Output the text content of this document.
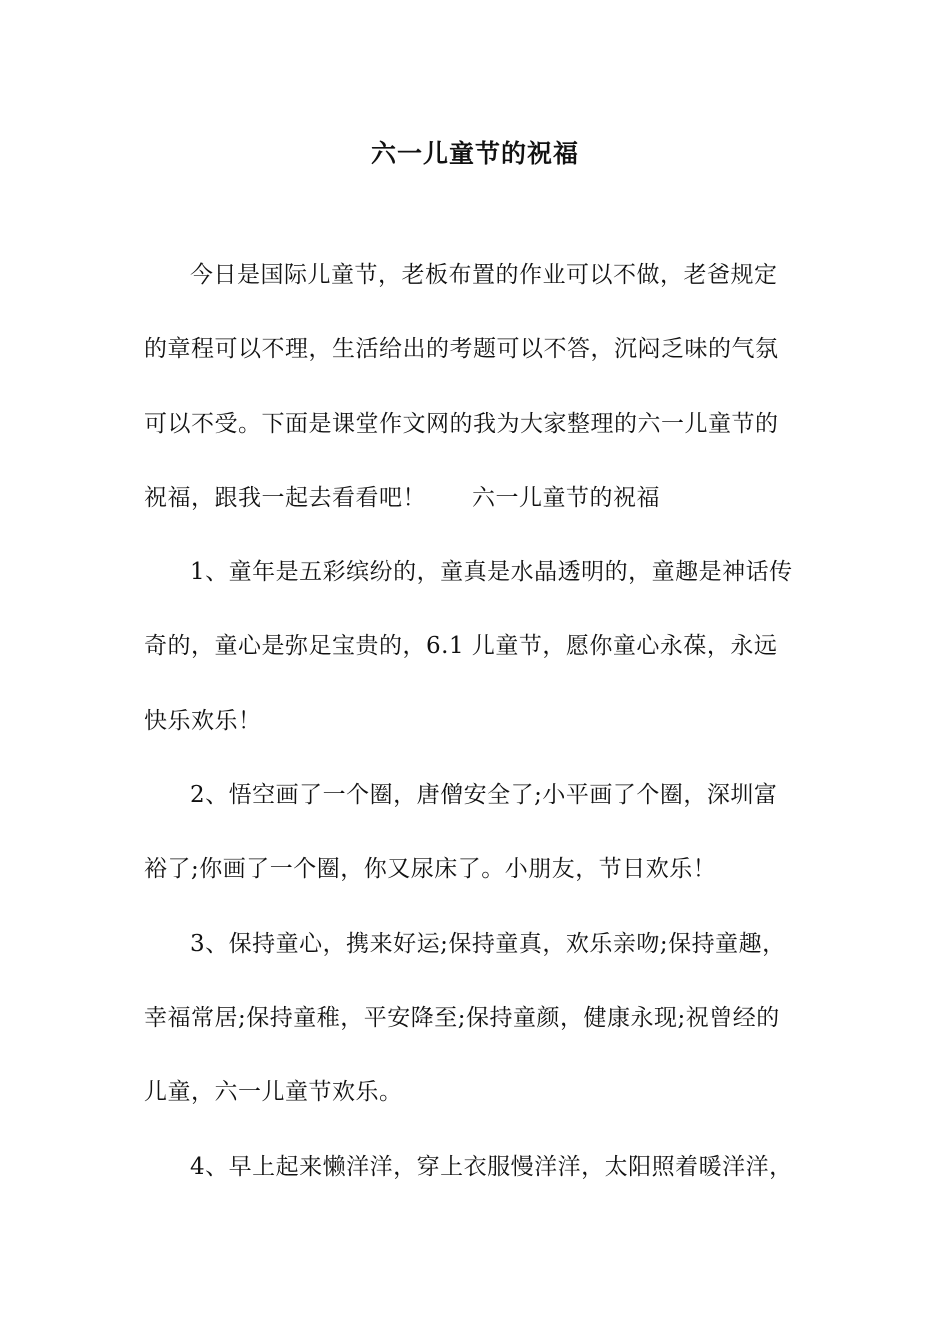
六一儿童节的祝福
今日是国际儿童节，老板布置的作业可以不做，老爸规定
的章程可以不理，生活给出的考题可以不答，沉闷乏味的气氛
可以不受。下面是课堂作文网的我为大家整理的六一儿童节的
祝福，跟我一起去看看吧！ 六一儿童节的祝福
1、童年是五彩缤纷的，童真是水晶透明的，童趣是神话传
奇的，童心是弥足宝贵的，6.1 儿童节，愿你童心永葆，永远
快乐欢乐！
2、悟空画了一个圈，唐僧安全了;小平画了个圈，深圳富
裕了;你画了一个圈，你又尿床了。小朋友，节日欢乐！
3、保持童心，携来好运;保持童真，欢乐亲吻;保持童趣，
幸福常居;保持童稚，平安降至;保持童颜，健康永现;祝曾经的
儿童，六一儿童节欢乐。
4、早上起来懒洋洋，穿上衣服慢洋洋，太阳照着暖洋洋，
